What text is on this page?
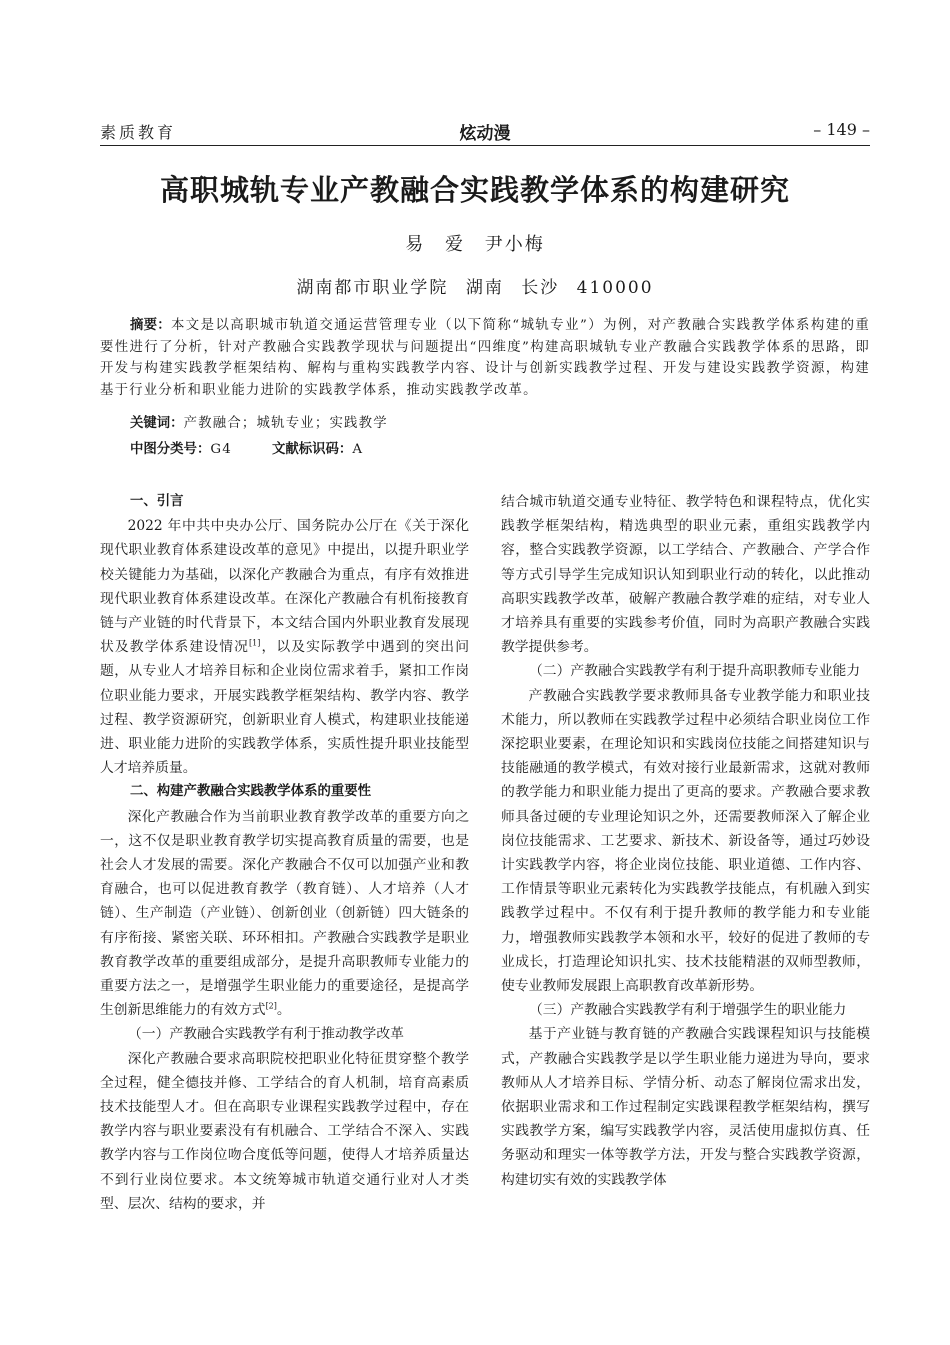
素质教育	炫动漫	– 149 –
高职城轨专业产教融合实践教学体系的构建研究
易 爱 尹小梅
湖南都市职业学院 湖南 长沙 410000
摘要：本文是以高职城市轨道交通运营管理专业（以下简称“城轨专业”）为例，对产教融合实践教学体系构建的重要性进行了分析，针对产教融合实践教学现状与问题提出“四维度”构建高职城轨专业产教融合实践教学体系的思路，即开发与构建实践教学框架结构、解构与重构实践教学内容、设计与创新实践教学过程、开发与建设实践教学资源，构建基于行业分析和职业能力进阶的实践教学体系，推动实践教学改革。
关键词：产教融合；城轨专业；实践教学
中图分类号：G4	文献标识码：A

一、引言

2022 年中共中央办公厅、国务院办公厅在《关于深化现代职业教育体系建设改革的意见》中提出，以提升职业学校关键能力为基础，以深化产教融合为重点，有序有效推进现代职业教育体系建设改革。在深化产教融合有机衔接教育链与产业链的时代背景下，本文结合国内外职业教育发展现状及教学体系建设情况[1]，以及实际教学中遇到的突出问题，从专业人才培养目标和企业岗位需求着手，紧扣工作岗位职业能力要求，开展实践教学框架结构、教学内容、教学过程、教学资源研究，创新职业育人模式，构建职业技能递进、职业能力进阶的实践教学体系，实质性提升职业技能型人才培养质量。

二、构建产教融合实践教学体系的重要性

深化产教融合作为当前职业教育教学改革的重要方向之一，这不仅是职业教育教学切实提高教育质量的需要，也是社会人才发展的需要。深化产教融合不仅可以加强产业和教育融合，也可以促进教育教学（教育链）、人才培养（人才链）、生产制造（产业链）、创新创业（创新链）四大链条的有序衔接、紧密关联、环环相扣。产教融合实践教学是职业教育教学改革的重要组成部分，是提升高职教师专业能力的重要方法之一，是增强学生职业能力的重要途径，是提高学生创新思维能力的有效方式[2]。

（一）产教融合实践教学有利于推动教学改革

深化产教融合要求高职院校把职业化特征贯穿整个教学全过程，健全德技并修、工学结合的育人机制，培育高素质技术技能型人才。但在高职专业课程实践教学过程中，存在教学内容与职业要素没有有机融合、工学结合不深入、实践教学内容与工作岗位吻合度低等问题，使得人才培养质量达不到行业岗位要求。本文统筹城市轨道交通行业对人才类型、层次、结构的要求，并

结合城市轨道交通专业特征、教学特色和课程特点，优化实践教学框架结构，精选典型的职业元素，重组实践教学内容，整合实践教学资源，以工学结合、产教融合、产学合作等方式引导学生完成知识认知到职业行动的转化，以此推动高职实践教学改革，破解产教融合教学难的症结，对专业人才培养具有重要的实践参考价值，同时为高职产教融合实践教学提供参考。

（二）产教融合实践教学有利于提升高职教师专业能力

产教融合实践教学要求教师具备专业教学能力和职业技术能力，所以教师在实践教学过程中必须结合职业岗位工作深挖职业要素，在理论知识和实践岗位技能之间搭建知识与技能融通的教学模式，有效对接行业最新需求，这就对教师的教学能力和职业能力提出了更高的要求。产教融合要求教师具备过硬的专业理论知识之外，还需要教师深入了解企业岗位技能需求、工艺要求、新技术、新设备等，通过巧妙设计实践教学内容，将企业岗位技能、职业道德、工作内容、工作情景等职业元素转化为实践教学技能点，有机融入到实践教学过程中。不仅有利于提升教师的教学能力和专业能力，增强教师实践教学本领和水平，较好的促进了教师的专业成长，打造理论知识扎实、技术技能精湛的双师型教师，使专业教师发展跟上高职教育改革新形势。

（三）产教融合实践教学有利于增强学生的职业能力

基于产业链与教育链的产教融合实践课程知识与技能模式，产教融合实践教学是以学生职业能力递进为导向，要求教师从人才培养目标、学情分析、动态了解岗位需求出发，依据职业需求和工作过程制定实践课程教学框架结构，撰写实践教学方案，编写实践教学内容，灵活使用虚拟仿真、任务驱动和理实一体等教学方法，开发与整合实践教学资源，构建切实有效的实践教学体
